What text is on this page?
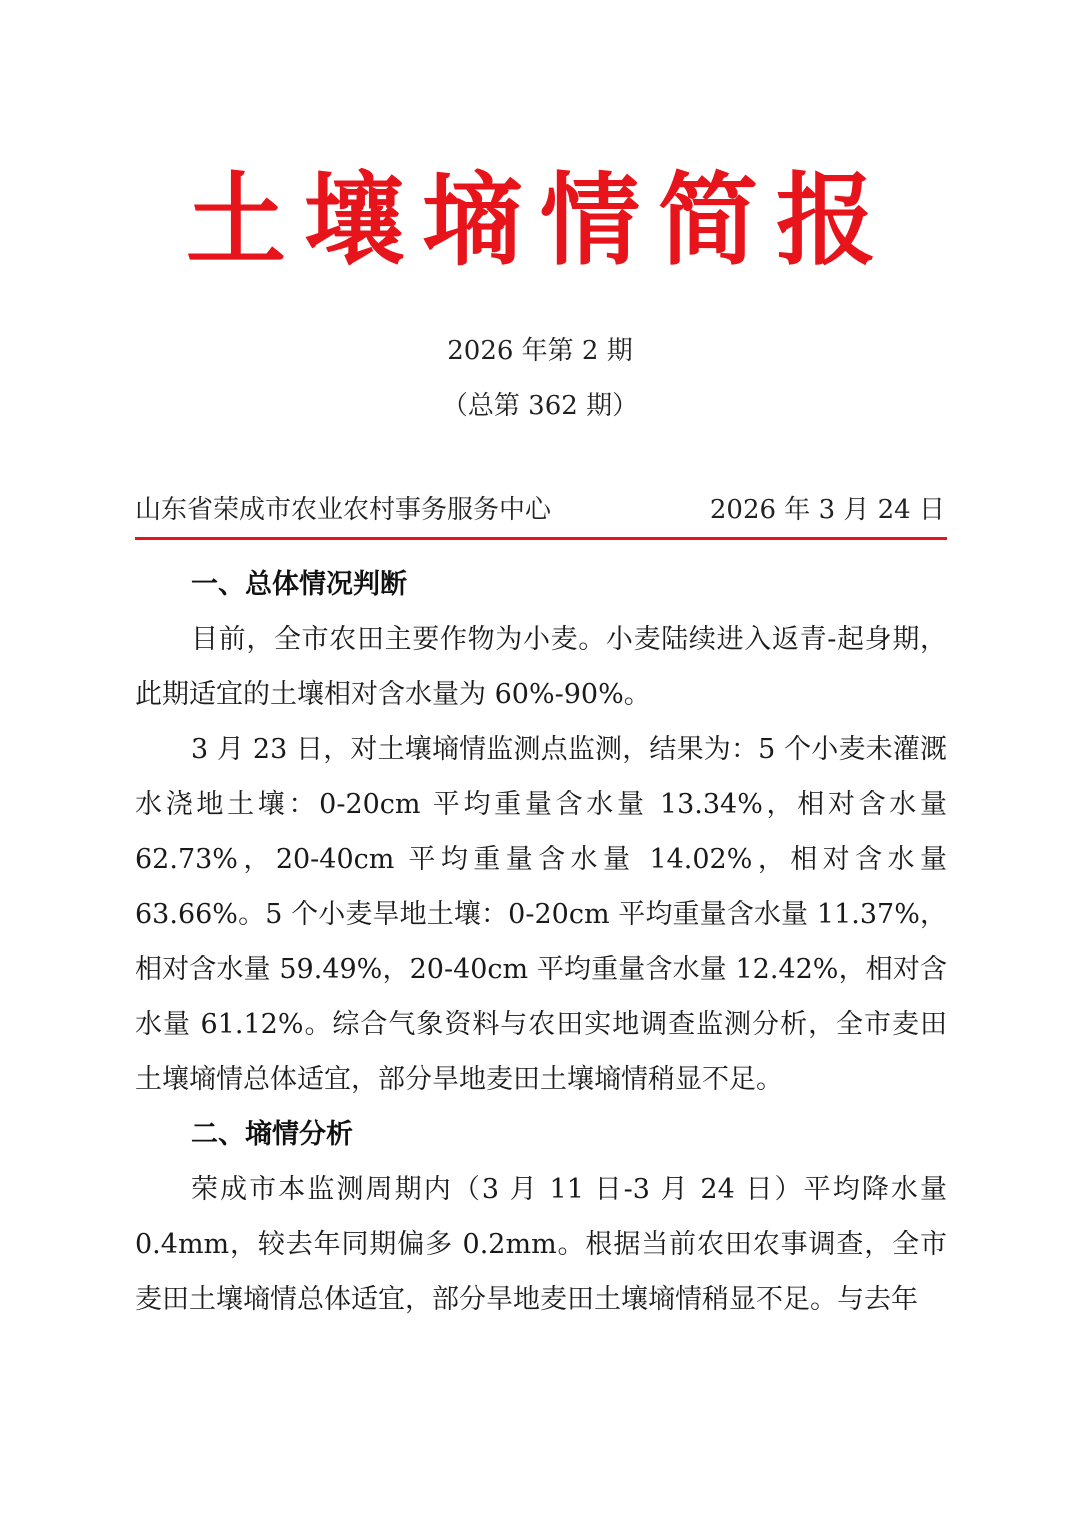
土壤墒情简报
2026 年第 2 期
（总第 362 期）
山东省荣成市农业农村事务服务中心	2026 年 3 月 24 日
一、总体情况判断

目前，全市农田主要作物为小麦。小麦陆续进入返青-起身期，此期适宜的土壤相对含水量为 60%-90%。

3 月 23 日，对土壤墒情监测点监测，结果为：5 个小麦未灌溉水浇地土壤：0-20cm 平均重量含水量 13.34%，相对含水量 62.73%，20-40cm 平均重量含水量 14.02%，相对含水量 63.66%。5 个小麦旱地土壤：0-20cm 平均重量含水量 11.37%，相对含水量 59.49%，20-40cm 平均重量含水量 12.42%，相对含水量 61.12%。综合气象资料与农田实地调查监测分析，全市麦田土壤墒情总体适宜，部分旱地麦田土壤墒情稍显不足。

二、墒情分析

荣成市本监测周期内（3 月 11 日-3 月 24 日）平均降水量 0.4mm，较去年同期偏多 0.2mm。根据当前农田农事调查，全市麦田土壤墒情总体适宜，部分旱地麦田土壤墒情稍显不足。与去年
